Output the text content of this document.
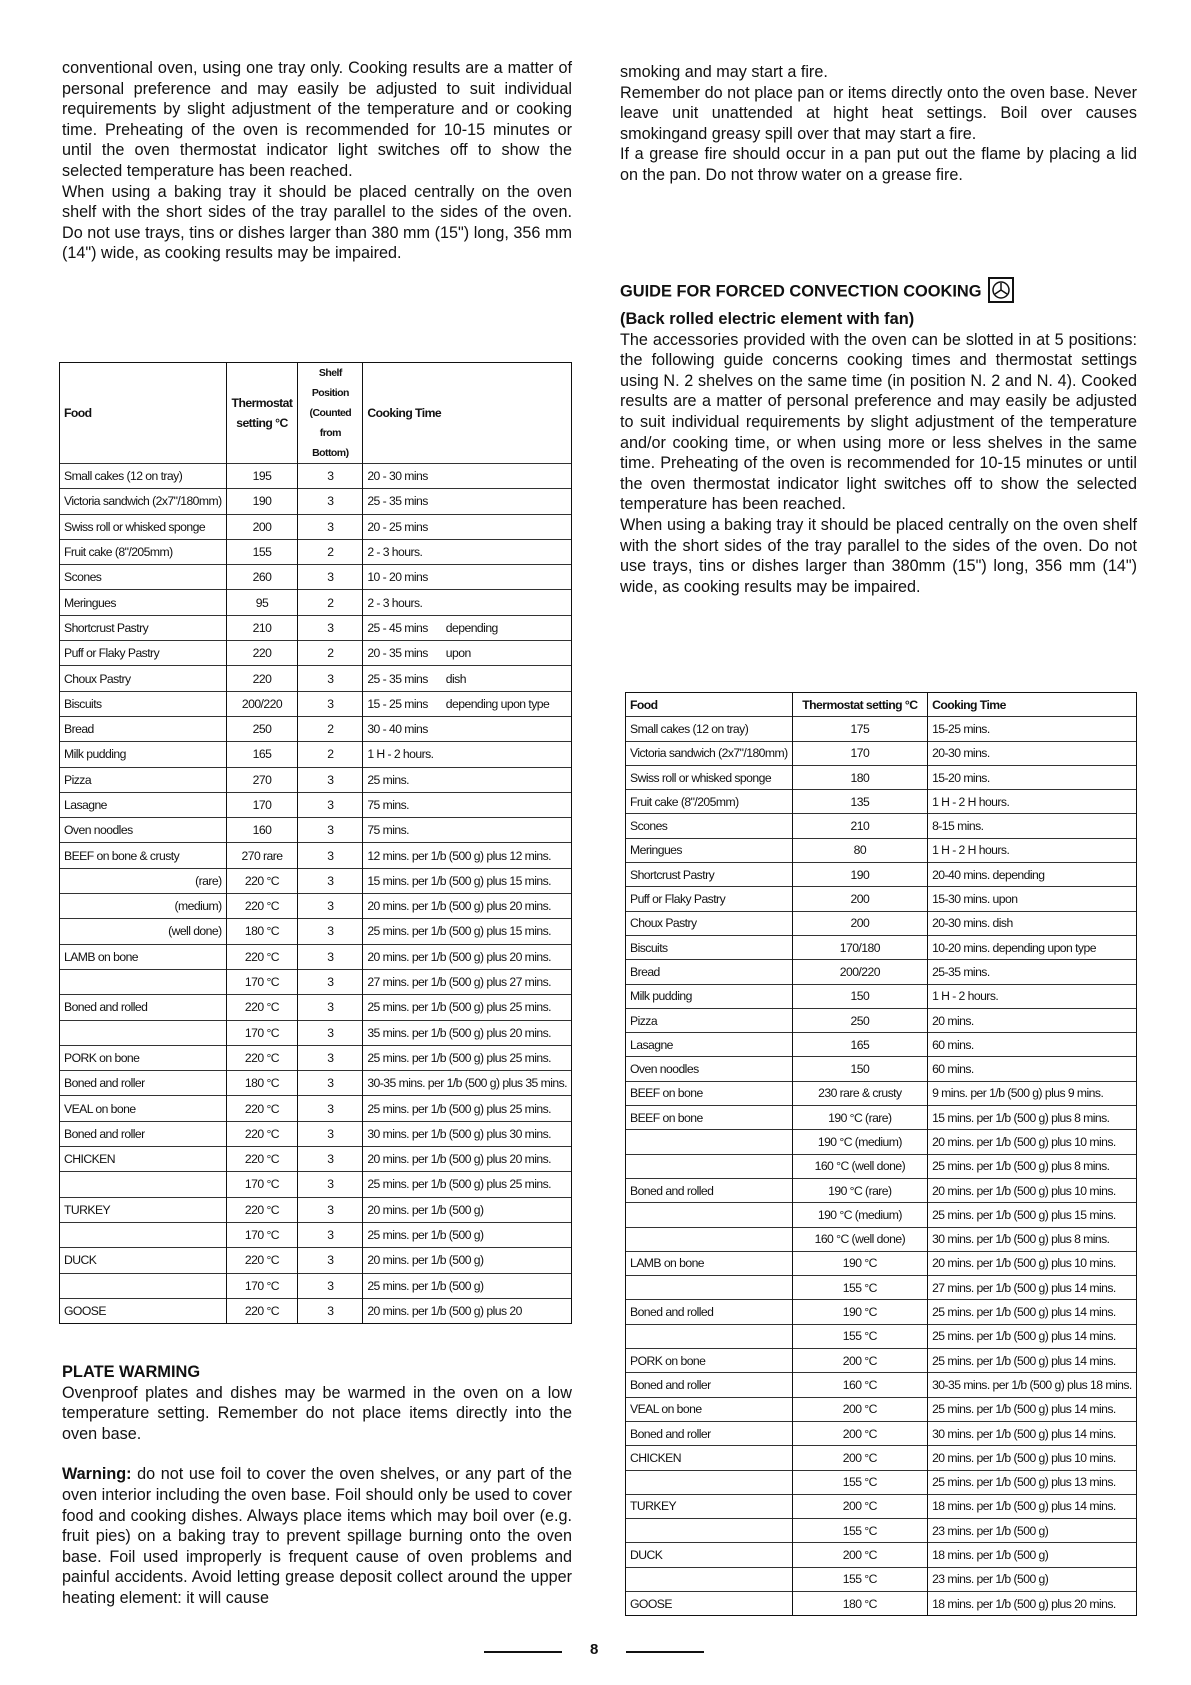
conventional oven, using one tray only. Cooking results are a matter of personal preference and may easily be adjusted to suit individual requirements by slight adjustment of the temperature and or cooking time. Preheating of the oven is recommended for 10-15 minutes or until the oven thermostat indicator light switches off to show the selected temperature has been reached.

When using a baking tray it should be placed centrally on the oven shelf with the short sides of the tray parallel to the sides of the oven. Do not use trays, tins or dishes larger than 380 mm (15") long, 356 mm (14") wide, as cooking results may be impaired.

Food	Thermostat setting °C	Shelf Position (Counted from Bottom)	Cooking Time
Small cakes (12 on tray)	195	3	20 - 30 mins
Victoria sandwich (2x7"/180mm)	190	3	25 - 35 mins
Swiss roll or whisked sponge	200	3	20 - 25 mins
Fruit cake (8"/205mm)	155	2	2 - 3 hours.
Scones	260	3	10 - 20 mins
Meringues	95	2	2 - 3 hours.
Shortcrust Pastry	210	3	25 - 45 mins depending
Puff or Flaky Pastry	220	2	20 - 35 mins upon
Choux Pastry	220	3	25 - 35 mins dish
Biscuits	200/220	3	15 - 25 mins depending upon type
Bread	250	2	30 - 40 mins
Milk pudding	165	2	1 H - 2 hours.
Pizza	270	3	25 mins.
Lasagne	170	3	75 mins.
Oven noodles	160	3	75 mins.
BEEF on bone & crusty	270 rare	3	12 mins. per 1/b (500 g) plus 12 mins.
(rare)	220 °C	3	15 mins. per 1/b (500 g) plus 15 mins.
(medium)	220 °C	3	20 mins. per 1/b (500 g) plus 20 mins.
(well done)	180 °C	3	25 mins. per 1/b (500 g) plus 15 mins.
LAMB on bone	220 °C	3	20 mins. per 1/b (500 g) plus 20 mins.
	170 °C	3	27 mins. per 1/b (500 g) plus 27 mins.
Boned and rolled	220 °C	3	25 mins. per 1/b (500 g) plus 25 mins.
	170 °C	3	35 mins. per 1/b (500 g) plus 20 mins.
PORK on bone	220 °C	3	25 mins. per 1/b (500 g) plus 25 mins.
Boned and roller	180 °C	3	30-35 mins. per 1/b (500 g) plus 35 mins.
VEAL on bone	220 °C	3	25 mins. per 1/b (500 g) plus 25 mins.
Boned and roller	220 °C	3	30 mins. per 1/b (500 g) plus 30 mins.
CHICKEN	220 °C	3	20 mins. per 1/b (500 g) plus 20 mins.
	170 °C	3	25 mins. per 1/b (500 g) plus 25 mins.
TURKEY	220 °C	3	20 mins. per 1/b (500 g)
	170 °C	3	25 mins. per 1/b (500 g)
DUCK	220 °C	3	20 mins. per 1/b (500 g)
	170 °C	3	25 mins. per 1/b (500 g)
GOOSE	220 °C	3	20 mins. per 1/b (500 g) plus 20

PLATE WARMING

Ovenproof plates and dishes may be warmed in the oven on a low temperature setting. Remember do not place items directly into the oven base.

Warning: do not use foil to cover the oven shelves, or any part of the oven interior including the oven base. Foil should only be used to cover food and cooking dishes. Always place items which may boil over (e.g. fruit pies) on a baking tray to prevent spillage burning onto the oven base. Foil used improperly is frequent cause of oven problems and painful accidents. Avoid letting grease deposit collect around the upper heating element: it will cause

smoking and may start a fire.

Remember do not place pan or items directly onto the oven base. Never leave unit unattended at hight heat settings. Boil over causes smokingand greasy spill over that may start a fire.

If a grease fire should occur in a pan put out the flame by placing a lid on the pan. Do not throw water on a grease fire.

GUIDE FOR FORCED CONVECTION COOKING

(Back rolled electric element with fan)

The accessories provided with the oven can be slotted in at 5 positions: the following guide concerns cooking times and thermostat settings using N. 2 shelves on the same time (in position N. 2 and N. 4). Cooked results are a matter of personal preference and may easily be adjusted to suit individual requirements by slight adjustment of the temperature and/or cooking time, or when using more or less shelves in the same time. Preheating of the oven is recommended for 10-15 minutes or until the oven thermostat indicator light switches off to show the selected temperature has been reached.

When using a baking tray it should be placed centrally on the oven shelf with the short sides of the tray parallel to the sides of the oven. Do not use trays, tins or dishes larger than 380mm (15") long, 356 mm (14") wide, as cooking results may be impaired.

Food	Thermostat setting °C	Cooking Time
Small cakes (12 on tray)	175	15-25 mins.
Victoria sandwich (2x7"/180mm)	170	20-30 mins.
Swiss roll or whisked sponge	180	15-20 mins.
Fruit cake (8"/205mm)	135	1 H - 2 H hours.
Scones	210	8-15 mins.
Meringues	80	1 H - 2 H hours.
Shortcrust Pastry	190	20-40 mins. depending
Puff or Flaky Pastry	200	15-30 mins. upon
Choux Pastry	200	20-30 mins. dish
Biscuits	170/180	10-20 mins. depending upon type
Bread	200/220	25-35 mins.
Milk pudding	150	1 H - 2 hours.
Pizza	250	20 mins.
Lasagne	165	60 mins.
Oven noodles	150	60 mins.
BEEF on bone	230 rare & crusty	9 mins. per 1/b (500 g) plus 9 mins.
BEEF on bone	190 °C (rare)	15 mins. per 1/b (500 g) plus 8 mins.
	190 °C (medium)	20 mins. per 1/b (500 g) plus 10 mins.
	160 °C (well done)	25 mins. per 1/b (500 g) plus 8 mins.
Boned and rolled	190 °C (rare)	20 mins. per 1/b (500 g) plus 10 mins.
	190 °C (medium)	25 mins. per 1/b (500 g) plus 15 mins.
	160 °C (well done)	30 mins. per 1/b (500 g) plus 8 mins.
LAMB on bone	190 °C	20 mins. per 1/b (500 g) plus 10 mins.
	155 °C	27 mins. per 1/b (500 g) plus 14 mins.
Boned and rolled	190 °C	25 mins. per 1/b (500 g) plus 14 mins.
	155 °C	25 mins. per 1/b (500 g) plus 14 mins.
PORK on bone	200 °C	25 mins. per 1/b (500 g) plus 14 mins.
Boned and roller	160 °C	30-35 mins. per 1/b (500 g) plus 18 mins.
VEAL on bone	200 °C	25 mins. per 1/b (500 g) plus 14 mins.
Boned and roller	200 °C	30 mins. per 1/b (500 g) plus 14 mins.
CHICKEN	200 °C	20 mins. per 1/b (500 g) plus 10 mins.
	155 °C	25 mins. per 1/b (500 g) plus 13 mins.
TURKEY	200 °C	18 mins. per 1/b (500 g) plus 14 mins.
	155 °C	23 mins. per 1/b (500 g)
DUCK	200 °C	18 mins. per 1/b (500 g)
	155 °C	23 mins. per 1/b (500 g)
GOOSE	180 °C	18 mins. per 1/b (500 g) plus 20 mins.
8
